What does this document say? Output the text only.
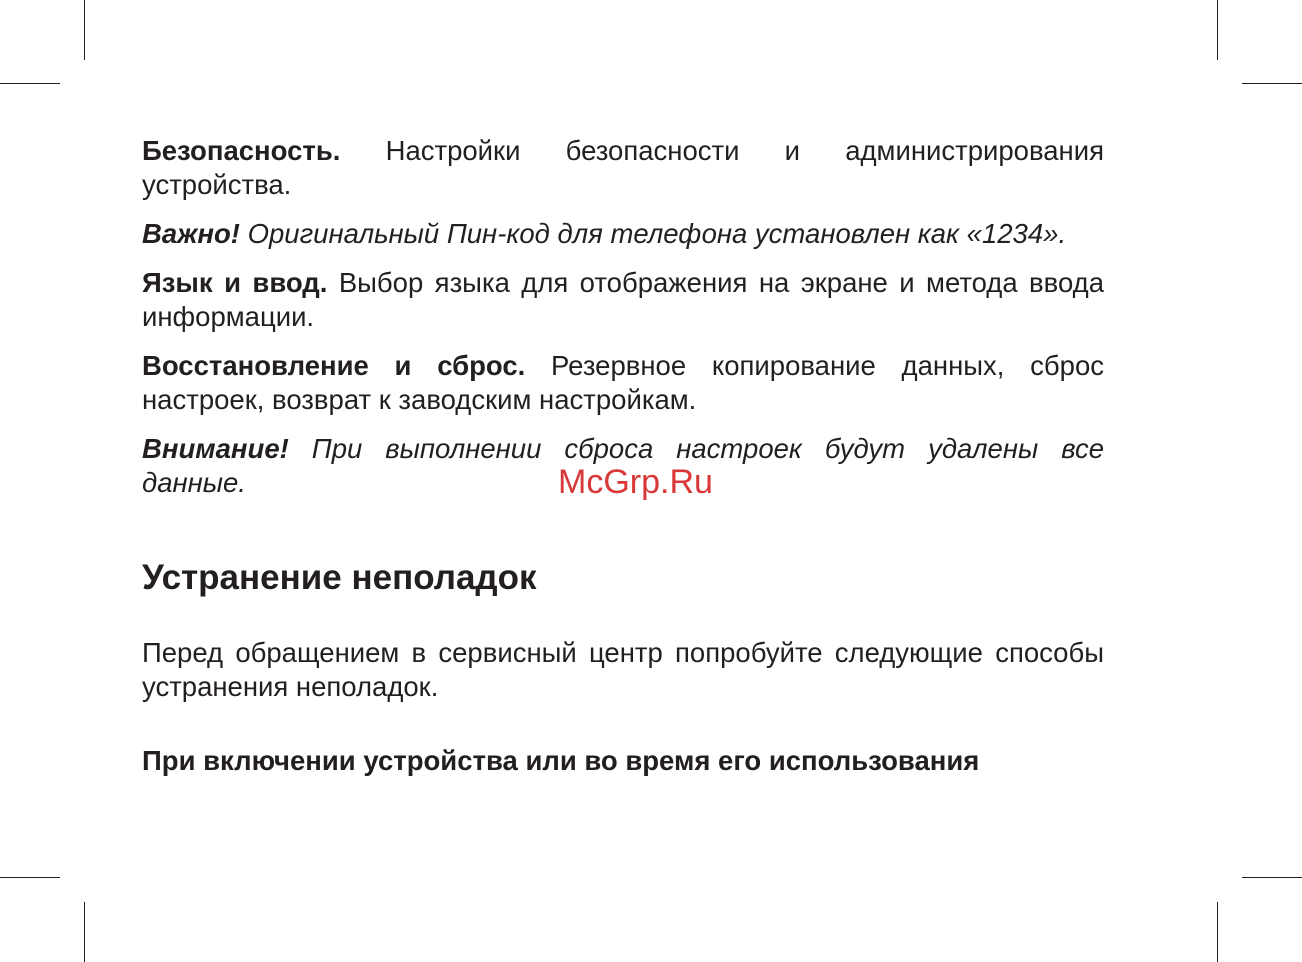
Безопасность. Настройки безопасности и администрирования устройства.

Важно! Оригинальный Пин-код для телефона установлен как «1234».

Язык и ввод. Выбор языка для отображения на экране и метода ввода информации.

Восстановление и сброс. Резервное копирование данных, сброс настроек, возврат к заводским настройкам.

Внимание! При выполнении сброса настроек будут удалены все данные.

Устранение неполадок

Перед обращением в сервисный центр попробуйте следующие способы устранения неполадок.

При включении устройства или во время его использования
McGrp.Ru
